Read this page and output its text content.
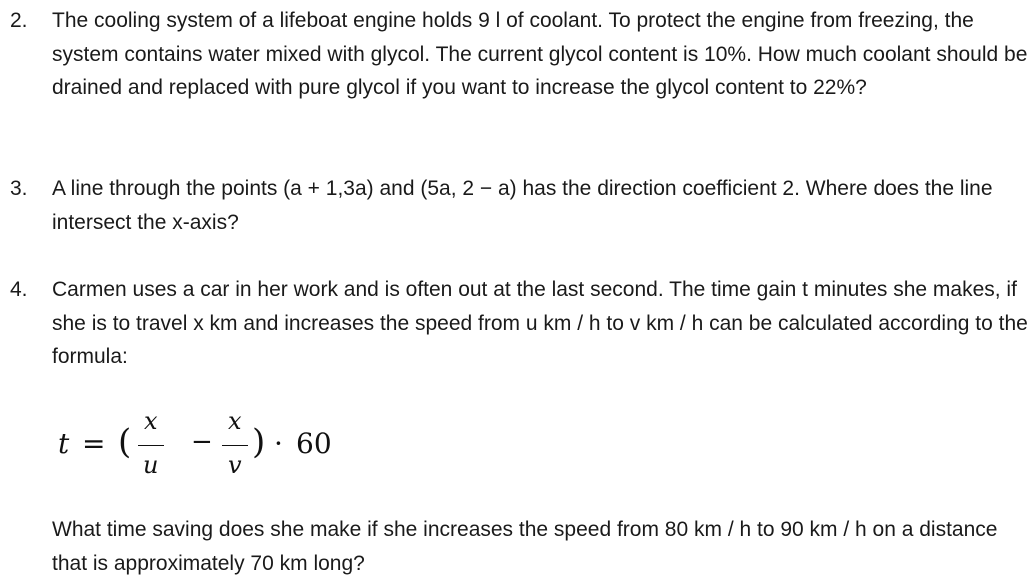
2. The cooling system of a lifeboat engine holds 9 l of coolant. To protect the engine from freezing, the system contains water mixed with glycol. The current glycol content is 10%. How much coolant should be drained and replaced with pure glycol if you want to increase the glycol content to 22%?
3. A line through the points (a + 1,3a) and (5a, 2 − a) has the direction coefficient 2. Where does the line intersect the x-axis?
4. Carmen uses a car in her work and is often out at the last second. The time gain t minutes she makes, if she is to travel x km and increases the speed from u km / h to v km / h can be calculated according to the formula:
t = (
x
u
−
x
v
) · 60
What time saving does she make if she increases the speed from 80 km / h to 90 km / h on a distance that is approximately 70 km long?
